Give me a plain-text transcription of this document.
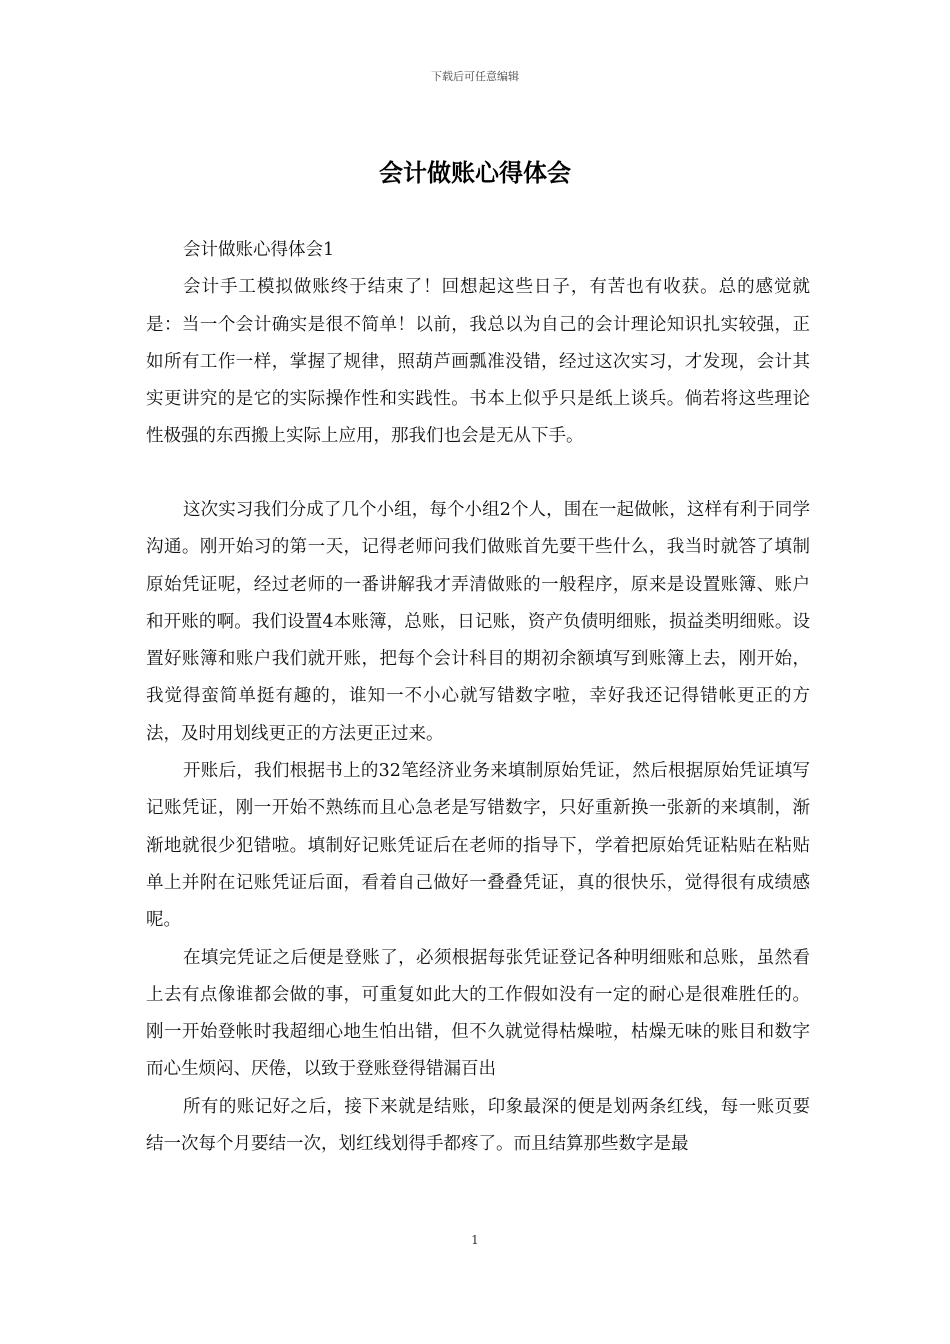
下载后可任意编辑
会计做账心得体会

会计做账心得体会1

会计手工模拟做账终于结束了！回想起这些日子，有苦也有收获。总的感觉就是：当一个会计确实是很不简单！以前，我总以为自己的会计理论知识扎实较强，正如所有工作一样，掌握了规律，照葫芦画瓢准没错，经过这次实习，才发现，会计其实更讲究的是它的实际操作性和实践性。书本上似乎只是纸上谈兵。倘若将这些理论性极强的东西搬上实际上应用，那我们也会是无从下手。

这次实习我们分成了几个小组，每个小组2个人，围在一起做帐，这样有利于同学沟通。刚开始习的第一天，记得老师问我们做账首先要干些什么，我当时就答了填制原始凭证呢，经过老师的一番讲解我才弄清做账的一般程序，原来是设置账簿、账户和开账的啊。我们设置4本账簿，总账，日记账，资产负债明细账，损益类明细账。设置好账簿和账户我们就开账，把每个会计科目的期初余额填写到账簿上去，刚开始，我觉得蛮简单挺有趣的，谁知一不小心就写错数字啦，幸好我还记得错帐更正的方法，及时用划线更正的方法更正过来。

开账后，我们根据书上的32笔经济业务来填制原始凭证，然后根据原始凭证填写记账凭证，刚一开始不熟练而且心急老是写错数字，只好重新换一张新的来填制，渐渐地就很少犯错啦。填制好记账凭证后在老师的指导下，学着把原始凭证粘贴在粘贴单上并附在记账凭证后面，看着自己做好一叠叠凭证，真的很快乐，觉得很有成绩感呢。

在填完凭证之后便是登账了，必须根据每张凭证登记各种明细账和总账，虽然看上去有点像谁都会做的事，可重复如此大的工作假如没有一定的耐心是很难胜任的。刚一开始登帐时我超细心地生怕出错，但不久就觉得枯燥啦，枯燥无味的账目和数字而心生烦闷、厌倦，以致于登账登得错漏百出

所有的账记好之后，接下来就是结账，印象最深的便是划两条红线，每一账页要结一次每个月要结一次，划红线划得手都疼了。而且结算那些数字是最

1
